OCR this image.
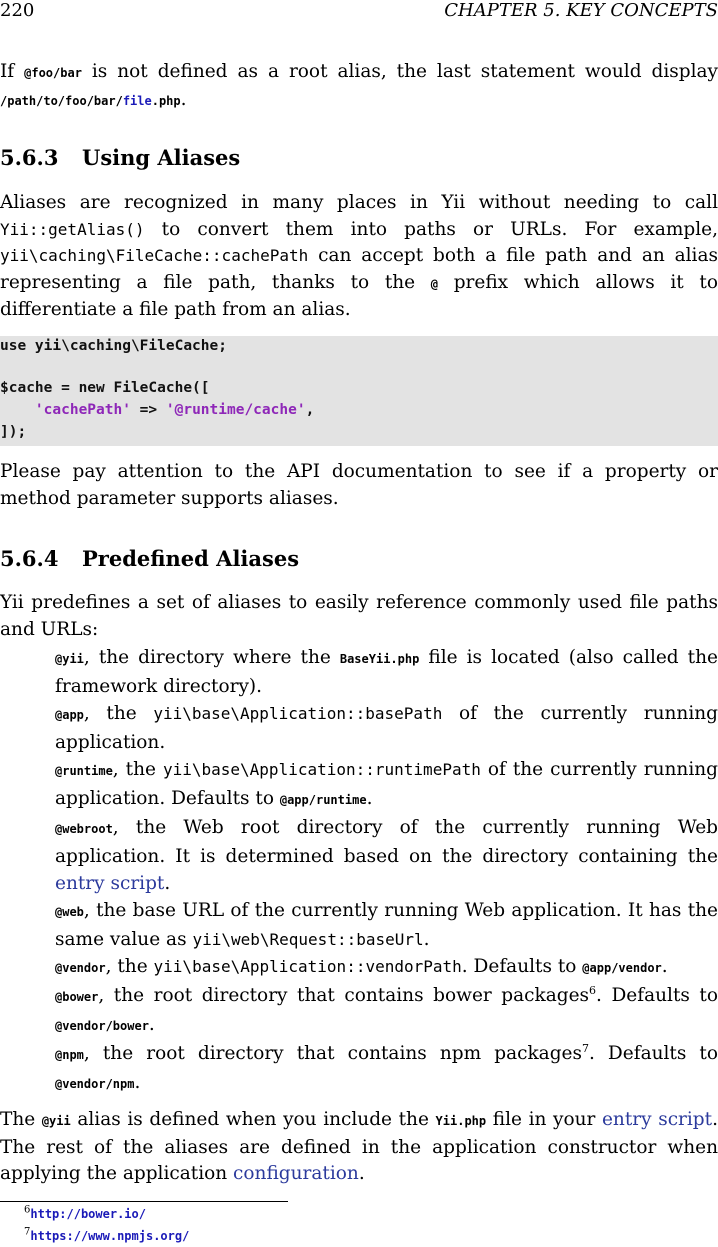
220	CHAPTER 5. KEY CONCEPTS
If @foo/bar is not defined as a root alias, the last statement would display /path/to/foo/bar/file.php.
5.6.3 Using Aliases
Aliases are recognized in many places in Yii without needing to call Yii::getAlias() to convert them into paths or URLs. For example, yii\caching\FileCache::cachePath can accept both a file path and an alias representing a file path, thanks to the @ prefix which allows it to differentiate a file path from an alias.
use yii\caching\FileCache;
$cache = new FileCache([
'cachePath' => '@runtime/cache',
]);
Please pay attention to the API documentation to see if a property or method parameter supports aliases.
5.6.4 Predefined Aliases
Yii predefines a set of aliases to easily reference commonly used file paths and URLs:
@yii, the directory where the BaseYii.php file is located (also called the framework directory).
@app, the yii\base\Application::basePath of the currently running application.
@runtime, the yii\base\Application::runtimePath of the currently running application. Defaults to @app/runtime.
@webroot, the Web root directory of the currently running Web application. It is determined based on the directory containing the entry script.
@web, the base URL of the currently running Web application. It has the same value as yii\web\Request::baseUrl.
@vendor, the yii\base\Application::vendorPath. Defaults to @app/vendor.
@bower, the root directory that contains bower packages$^6$. Defaults to @vendor/bower.
@npm, the root directory that contains npm packages$^7$. Defaults to @vendor/npm.
The @yii alias is defined when you include the Yii.php file in your entry script. The rest of the aliases are defined in the application constructor when applying the application configuration.
$^6$http://bower.io/
$^7$https://www.npmjs.org/
